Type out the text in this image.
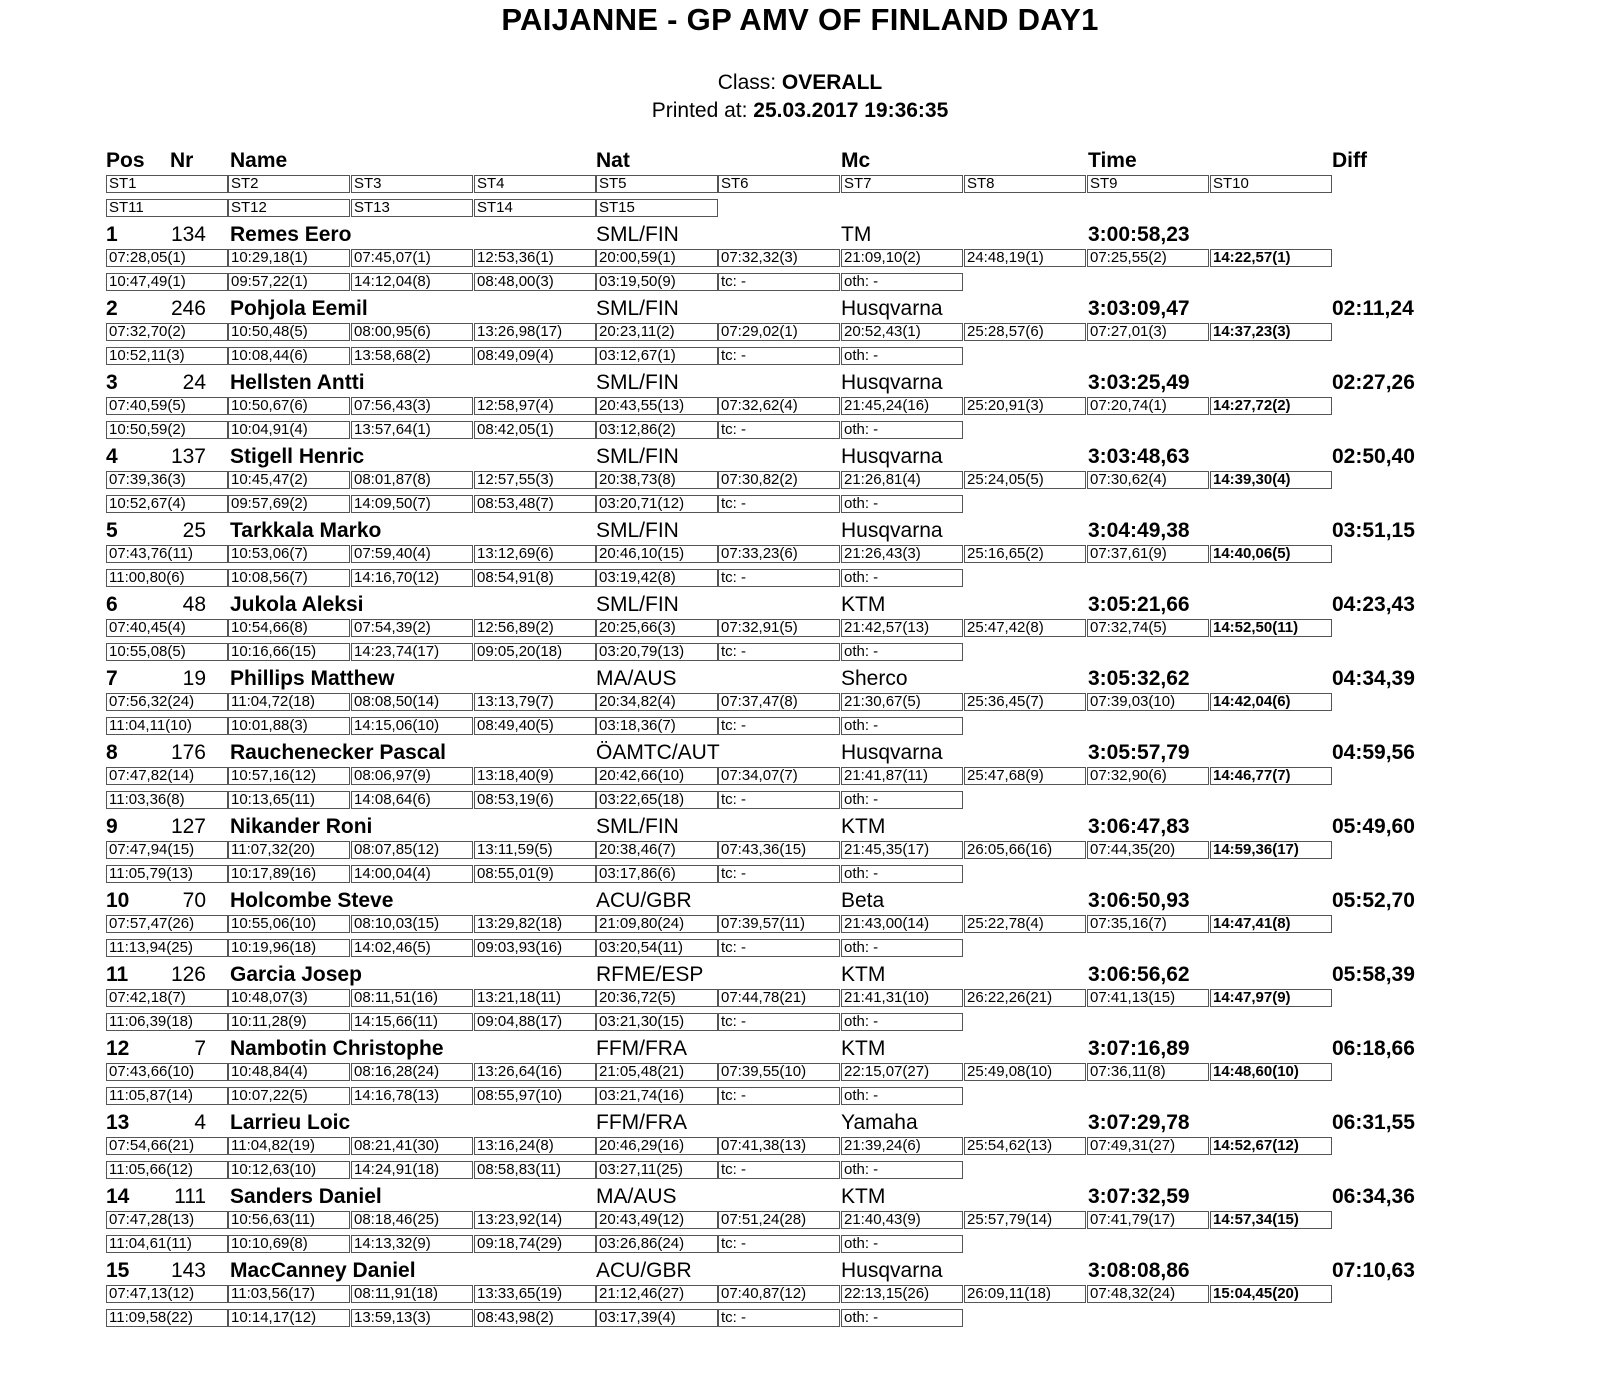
PAIJANNE - GP AMV OF FINLAND DAY1
Class: OVERALL
Printed at: 25.03.2017 19:36:35
Pos Nr Name	Nat	Mc	Time	Diff
ST1	ST2	ST3	ST4	ST5	ST6	ST7	ST8	ST9	ST10
ST11	ST12	ST13	ST14	ST15
1	134 Remes Eero	SML/FIN	TM	3:00:58,23
07:28,05(1)	10:29,18(1)	07:45,07(1)	12:53,36(1)	20:00,59(1)	07:32,32(3)	21:09,10(2)	24:48,19(1)	07:25,55(2)	14:22,57(1)
10:47,49(1)	09:57,22(1)	14:12,04(8)	08:48,00(3)	03:19,50(9)	tc: -	oth: -
2	246 Pohjola Eemil	SML/FIN	Husqvarna	3:03:09,47	02:11,24
07:32,70(2)	10:50,48(5)	08:00,95(6)	13:26,98(17)	20:23,11(2)	07:29,02(1)	20:52,43(1)	25:28,57(6)	07:27,01(3)	14:37,23(3)
10:52,11(3)	10:08,44(6)	13:58,68(2)	08:49,09(4)	03:12,67(1)	tc: -	oth: -
3	24 Hellsten Antti	SML/FIN	Husqvarna	3:03:25,49	02:27,26
07:40,59(5)	10:50,67(6)	07:56,43(3)	12:58,97(4)	20:43,55(13)	07:32,62(4)	21:45,24(16)	25:20,91(3)	07:20,74(1)	14:27,72(2)
10:50,59(2)	10:04,91(4)	13:57,64(1)	08:42,05(1)	03:12,86(2)	tc: -	oth: -
4	137 Stigell Henric	SML/FIN	Husqvarna	3:03:48,63	02:50,40
07:39,36(3)	10:45,47(2)	08:01,87(8)	12:57,55(3)	20:38,73(8)	07:30,82(2)	21:26,81(4)	25:24,05(5)	07:30,62(4)	14:39,30(4)
10:52,67(4)	09:57,69(2)	14:09,50(7)	08:53,48(7)	03:20,71(12)	tc: -	oth: -
5	25 Tarkkala Marko	SML/FIN	Husqvarna	3:04:49,38	03:51,15
07:43,76(11)	10:53,06(7)	07:59,40(4)	13:12,69(6)	20:46,10(15)	07:33,23(6)	21:26,43(3)	25:16,65(2)	07:37,61(9)	14:40,06(5)
11:00,80(6)	10:08,56(7)	14:16,70(12)	08:54,91(8)	03:19,42(8)	tc: -	oth: -
6	48 Jukola Aleksi	SML/FIN	KTM	3:05:21,66	04:23,43
07:40,45(4)	10:54,66(8)	07:54,39(2)	12:56,89(2)	20:25,66(3)	07:32,91(5)	21:42,57(13)	25:47,42(8)	07:32,74(5)	14:52,50(11)
10:55,08(5)	10:16,66(15)	14:23,74(17)	09:05,20(18)	03:20,79(13)	tc: -	oth: -
7	19 Phillips Matthew	MA/AUS	Sherco	3:05:32,62	04:34,39
07:56,32(24)	11:04,72(18)	08:08,50(14)	13:13,79(7)	20:34,82(4)	07:37,47(8)	21:30,67(5)	25:36,45(7)	07:39,03(10)	14:42,04(6)
11:04,11(10)	10:01,88(3)	14:15,06(10)	08:49,40(5)	03:18,36(7)	tc: -	oth: -
8	176 Rauchenecker Pascal	ÖAMTC/AUT	Husqvarna	3:05:57,79	04:59,56
07:47,82(14)	10:57,16(12)	08:06,97(9)	13:18,40(9)	20:42,66(10)	07:34,07(7)	21:41,87(11)	25:47,68(9)	07:32,90(6)	14:46,77(7)
11:03,36(8)	10:13,65(11)	14:08,64(6)	08:53,19(6)	03:22,65(18)	tc: -	oth: -
9	127 Nikander Roni	SML/FIN	KTM	3:06:47,83	05:49,60
07:47,94(15)	11:07,32(20)	08:07,85(12)	13:11,59(5)	20:38,46(7)	07:43,36(15)	21:45,35(17)	26:05,66(16)	07:44,35(20)	14:59,36(17)
11:05,79(13)	10:17,89(16)	14:00,04(4)	08:55,01(9)	03:17,86(6)	tc: -	oth: -
10	70 Holcombe Steve	ACU/GBR	Beta	3:06:50,93	05:52,70
07:57,47(26)	10:55,06(10)	08:10,03(15)	13:29,82(18)	21:09,80(24)	07:39,57(11)	21:43,00(14)	25:22,78(4)	07:35,16(7)	14:47,41(8)
11:13,94(25)	10:19,96(18)	14:02,46(5)	09:03,93(16)	03:20,54(11)	tc: -	oth: -
11	126 Garcia Josep	RFME/ESP	KTM	3:06:56,62	05:58,39
07:42,18(7)	10:48,07(3)	08:11,51(16)	13:21,18(11)	20:36,72(5)	07:44,78(21)	21:41,31(10)	26:22,26(21)	07:41,13(15)	14:47,97(9)
11:06,39(18)	10:11,28(9)	14:15,66(11)	09:04,88(17)	03:21,30(15)	tc: -	oth: -
12	7 Nambotin Christophe	FFM/FRA	KTM	3:07:16,89	06:18,66
07:43,66(10)	10:48,84(4)	08:16,28(24)	13:26,64(16)	21:05,48(21)	07:39,55(10)	22:15,07(27)	25:49,08(10)	07:36,11(8)	14:48,60(10)
11:05,87(14)	10:07,22(5)	14:16,78(13)	08:55,97(10)	03:21,74(16)	tc: -	oth: -
13	4 Larrieu Loic	FFM/FRA	Yamaha	3:07:29,78	06:31,55
07:54,66(21)	11:04,82(19)	08:21,41(30)	13:16,24(8)	20:46,29(16)	07:41,38(13)	21:39,24(6)	25:54,62(13)	07:49,31(27)	14:52,67(12)
11:05,66(12)	10:12,63(10)	14:24,91(18)	08:58,83(11)	03:27,11(25)	tc: -	oth: -
14	111 Sanders Daniel	MA/AUS	KTM	3:07:32,59	06:34,36
07:47,28(13)	10:56,63(11)	08:18,46(25)	13:23,92(14)	20:43,49(12)	07:51,24(28)	21:40,43(9)	25:57,79(14)	07:41,79(17)	14:57,34(15)
11:04,61(11)	10:10,69(8)	14:13,32(9)	09:18,74(29)	03:26,86(24)	tc: -	oth: -
15	143 MacCanney Daniel	ACU/GBR	Husqvarna	3:08:08,86	07:10,63
07:47,13(12)	11:03,56(17)	08:11,91(18)	13:33,65(19)	21:12,46(27)	07:40,87(12)	22:13,15(26)	26:09,11(18)	07:48,32(24)	15:04,45(20)
11:09,58(22)	10:14,17(12)	13:59,13(3)	08:43,98(2)	03:17,39(4)	tc: -	oth: -
